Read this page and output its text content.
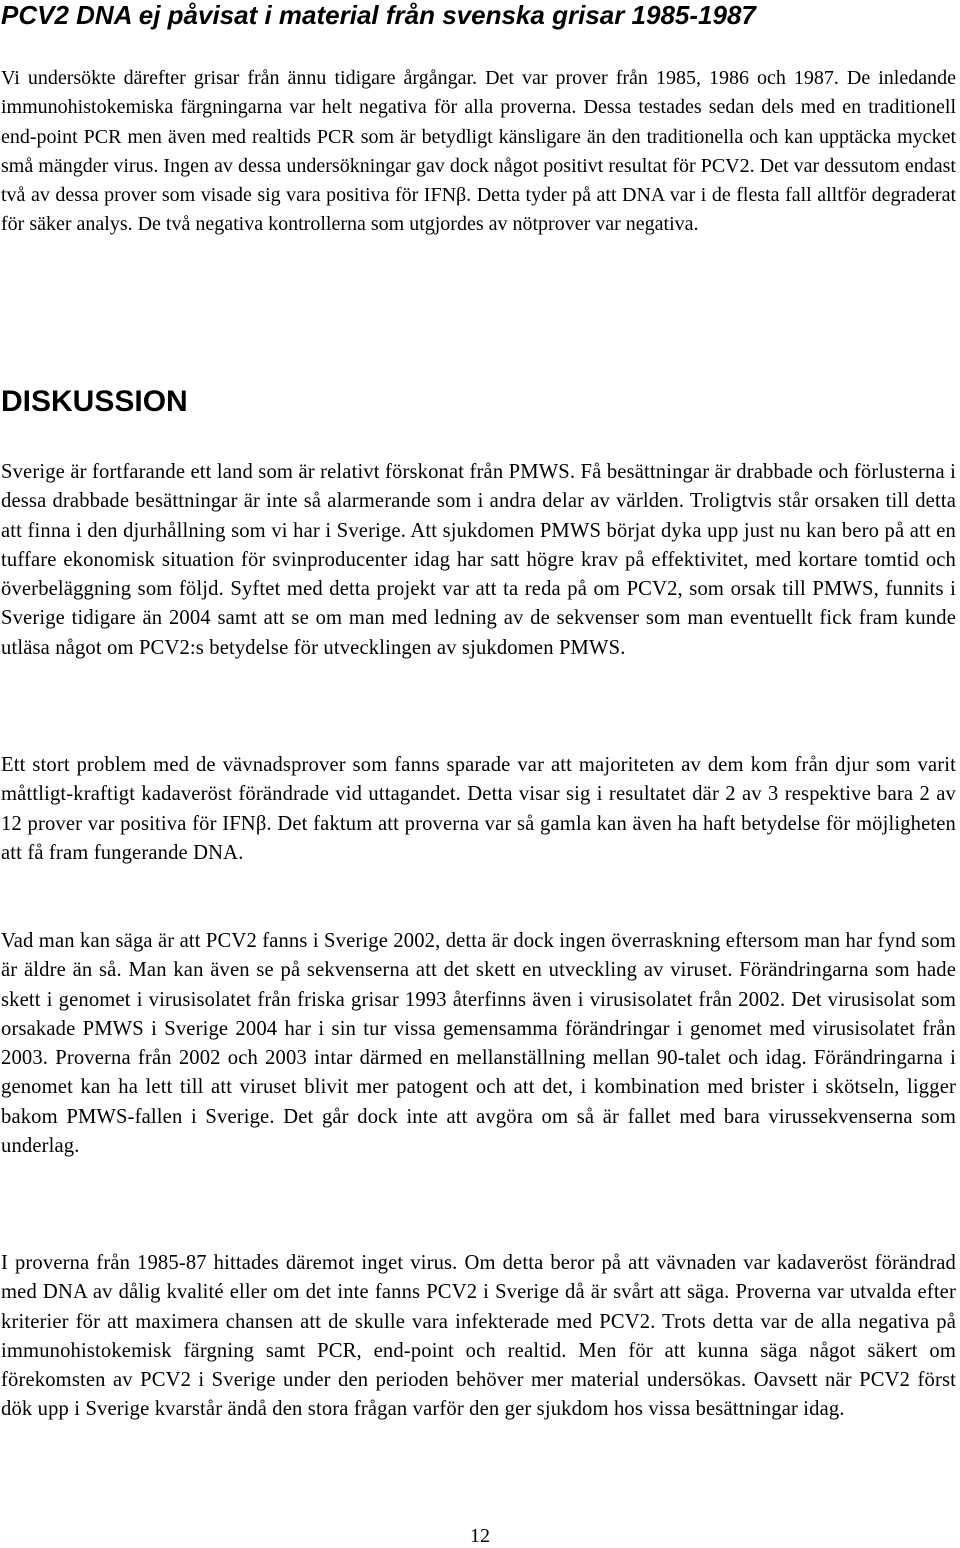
PCV2 DNA ej påvisat i material från svenska grisar 1985-1987

Vi undersökte därefter grisar från ännu tidigare årgångar. Det var prover från 1985, 1986 och 1987. De inledande immunohistokemiska färgningarna var helt negativa för alla proverna. Dessa testades sedan dels med en traditionell end-point PCR men även med realtids PCR som är betydligt känsligare än den traditionella och kan upptäcka mycket små mängder virus. Ingen av dessa undersökningar gav dock något positivt resultat för PCV2. Det var dessutom endast två av dessa prover som visade sig vara positiva för IFNβ. Detta tyder på att DNA var i de flesta fall alltför degraderat för säker analys. De två negativa kontrollerna som utgjordes av nötprover var negativa.

DISKUSSION

Sverige är fortfarande ett land som är relativt förskonat från PMWS. Få besättningar är drabbade och förlusterna i dessa drabbade besättningar är inte så alarmerande som i andra delar av världen. Troligtvis står orsaken till detta att finna i den djurhållning som vi har i Sverige. Att sjukdomen PMWS börjat dyka upp just nu kan bero på att en tuffare ekonomisk situation för svinproducenter idag har satt högre krav på effektivitet, med kortare tomtid och överbeläggning som följd. Syftet med detta projekt var att ta reda på om PCV2, som orsak till PMWS, funnits i Sverige tidigare än 2004 samt att se om man med ledning av de sekvenser som man eventuellt fick fram kunde utläsa något om PCV2:s betydelse för utvecklingen av sjukdomen PMWS.

Ett stort problem med de vävnadsprover som fanns sparade var att majoriteten av dem kom från djur som varit måttligt-kraftigt kadaveröst förändrade vid uttagandet. Detta visar sig i resultatet där 2 av 3 respektive bara 2 av 12 prover var positiva för IFNβ. Det faktum att proverna var så gamla kan även ha haft betydelse för möjligheten att få fram fungerande DNA.

Vad man kan säga är att PCV2 fanns i Sverige 2002, detta är dock ingen överraskning eftersom man har fynd som är äldre än så. Man kan även se på sekvenserna att det skett en utveckling av viruset. Förändringarna som hade skett i genomet i virusisolatet från friska grisar 1993 återfinns även i virusisolatet från 2002. Det virusisolat som orsakade PMWS i Sverige 2004 har i sin tur vissa gemensamma förändringar i genomet med virusisolatet från 2003. Proverna från 2002 och 2003 intar därmed en mellanställning mellan 90-talet och idag. Förändringarna i genomet kan ha lett till att viruset blivit mer patogent och att det, i kombination med brister i skötseln, ligger bakom PMWS-fallen i Sverige. Det går dock inte att avgöra om så är fallet med bara virussekvenserna som underlag.

I proverna från 1985-87 hittades däremot inget virus. Om detta beror på att vävnaden var kadaveröst förändrad med DNA av dålig kvalité eller om det inte fanns PCV2 i Sverige då är svårt att säga. Proverna var utvalda efter kriterier för att maximera chansen att de skulle vara infekterade med PCV2. Trots detta var de alla negativa på immunohistokemisk färgning samt PCR, end-point och realtid. Men för att kunna säga något säkert om förekomsten av PCV2 i Sverige under den perioden behöver mer material undersökas. Oavsett när PCV2 först dök upp i Sverige kvarstår ändå den stora frågan varför den ger sjukdom hos vissa besättningar idag.

12
